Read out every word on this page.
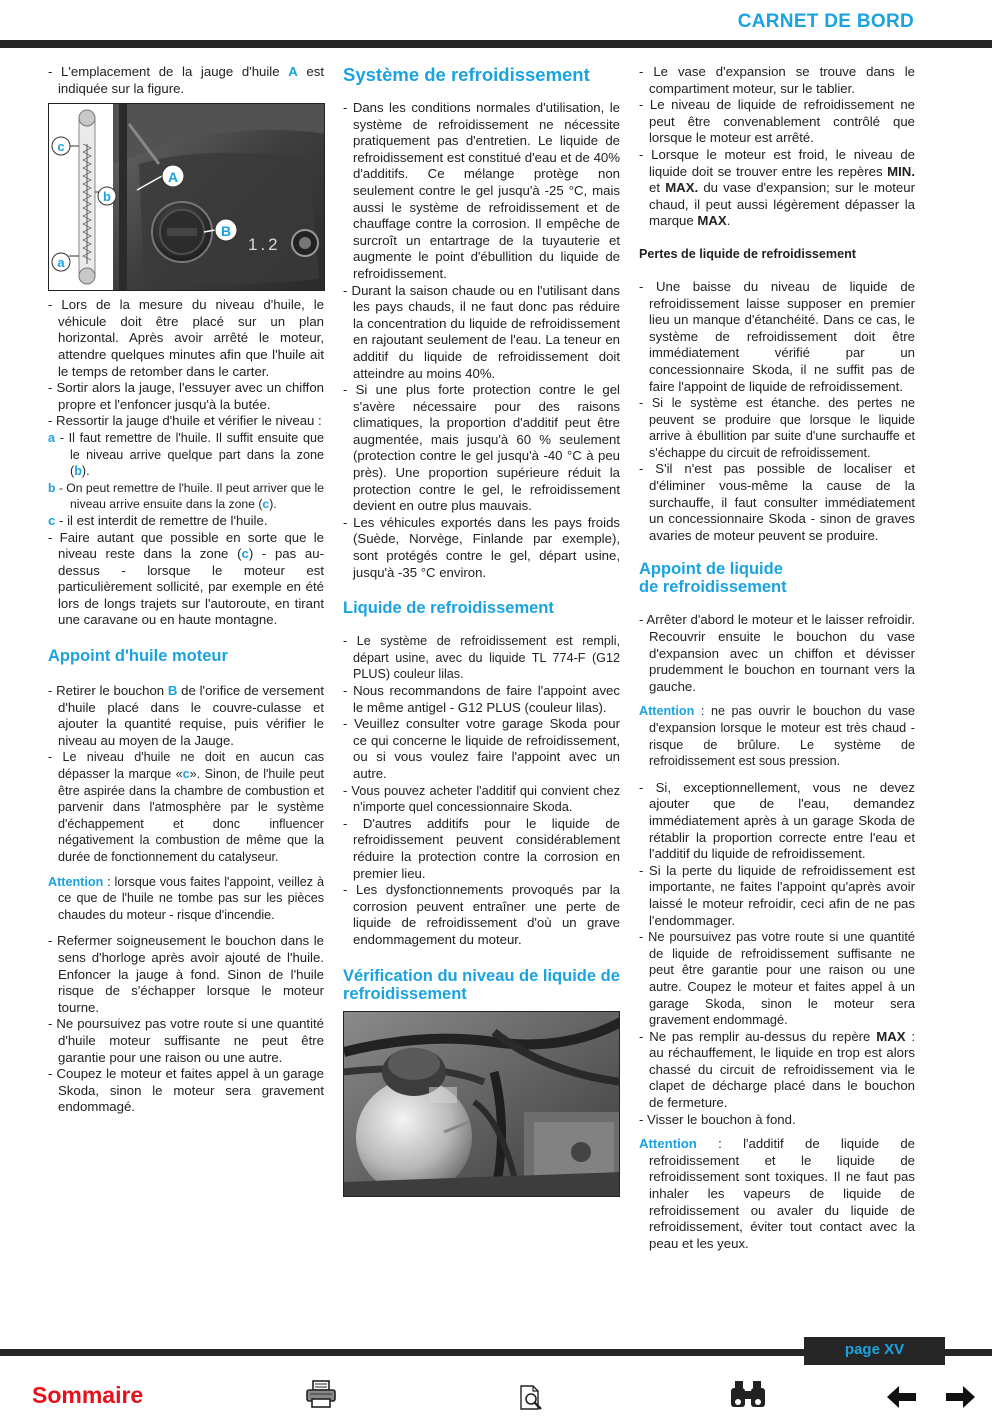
CARNET DE BORD
- L'emplacement de la jauge d'huile A est indiquée sur la figure.
1.2
c
b
a
A
B
- Lors de la mesure du niveau d'huile, le véhicule doit être placé sur un plan horizontal. Après avoir arrêté le moteur, attendre quelques minutes afin que l'huile ait le temps de retomber dans le carter.
- Sortir alors la jauge, l'essuyer avec un chiffon propre et l'enfoncer jusqu'à la butée.
- Ressortir la jauge d'huile et vérifier le niveau :
a - Il faut remettre de l'huile. Il suffit ensuite que le niveau arrive quelque part dans la zone (b).
b - On peut remettre de l'huile. Il peut arriver que le niveau arrive ensuite dans la zone (c).
c - il est interdit de remettre de l'huile.
- Faire autant que possible en sorte que le niveau reste dans la zone (c) - pas au-dessus - lorsque le moteur est particulièrement sollicité, par exemple en été lors de longs trajets sur l'autoroute, en tirant une caravane ou en haute montagne.
Appoint d'huile moteur
- Retirer le bouchon B de l'orifice de versement d'huile placé dans le couvre-culasse et ajouter la quantité requise, puis vérifier le niveau au moyen de la Jauge.
- Le niveau d'huile ne doit en aucun cas dépasser la marque «c». Sinon, de l'huile peut être aspirée dans la chambre de combustion et parvenir dans l'atmosphère par le système d'échappement et donc influencer négativement la combustion de même que la durée de fonctionnement du catalyseur.
Attention : lorsque vous faites l'appoint, veillez à ce que de l'huile ne tombe pas sur les pièces chaudes du moteur - risque d'incendie.
- Refermer soigneusement le bouchon dans le sens d'horloge après avoir ajouté de l'huile. Enfoncer la jauge à fond. Sinon de l'huile risque de s'échapper lorsque le moteur tourne.
- Ne poursuivez pas votre route si une quantité d'huile moteur suffisante ne peut être garantie pour une raison ou une autre.
- Coupez le moteur et faites appel à un garage Skoda, sinon le moteur sera gravement endommagé.
Système de refroidissement
- Dans les conditions normales d'utilisation, le système de refroidissement ne nécessite pratiquement pas d'entretien. Le liquide de refroidissement est constitué d'eau et de 40% d'additifs. Ce mélange protège non seulement contre le gel jusqu'à -25 °C, mais aussi le système de refroidissement et de chauffage contre la corrosion. Il empêche de surcroît un entartrage de la tuyauterie et augmente le point d'ébullition du liquide de refroidissement.
- Durant la saison chaude ou en l'utilisant dans les pays chauds, il ne faut donc pas réduire la concentration du liquide de refroidissement en rajoutant seulement de l'eau. La teneur en additif du liquide de refroidissement doit atteindre au moins 40%.
- Si une plus forte protection contre le gel s'avère nécessaire pour des raisons climatiques, la proportion d'additif peut être augmentée, mais jusqu'à 60 % seulement (protection contre le gel jusqu'à -40 °C à peu près). Une proportion supérieure réduit la protection contre le gel, le refroidissement devient en outre plus mauvais.
- Les véhicules exportés dans les pays froids (Suède, Norvège, Finlande par exemple), sont protégés contre le gel, départ usine, jusqu'à -35 °C environ.
Liquide de refroidissement
- Le système de refroidissement est rempli, départ usine, avec du liquide TL 774-F (G12 PLUS) couleur lilas.
- Nous recommandons de faire l'appoint avec le même antigel - G12 PLUS (couleur lilas).
- Veuillez consulter votre garage Skoda pour ce qui concerne le liquide de refroidissement, ou si vous voulez faire l'appoint avec un autre.
- Vous pouvez acheter l'additif qui convient chez n'importe quel concessionnaire Skoda.
- D'autres additifs pour le liquide de refroidissement peuvent considérablement réduire la protection contre la corrosion en premier lieu.
- Les dysfonctionnements provoqués par la corrosion peuvent entraîner une perte de liquide de refroidissement d'où un grave endommagement du moteur.
Vérification du niveau de liquide de refroidissement
- Le vase d'expansion se trouve dans le compartiment moteur, sur le tablier.
- Le niveau de liquide de refroidissement ne peut être convenablement contrôlé que lorsque le moteur est arrêté.
- Lorsque le moteur est froid, le niveau de liquide doit se trouver entre les repères MIN. et MAX. du vase d'expansion; sur le moteur chaud, il peut aussi légèrement dépasser la marque MAX.
Pertes de liquide de refroidissement
- Une baisse du niveau de liquide de refroidissement laisse supposer en premier lieu un manque d'étanchéité. Dans ce cas, le système de refroidissement doit être immédiatement vérifié par un concessionnaire Skoda, il ne suffit pas de faire l'appoint de liquide de refroidissement.
- Si le système est étanche. des pertes ne peuvent se produire que lorsque le liquide arrive à ébullition par suite d'une surchauffe et s'échappe du circuit de refroidissement.
- S'il n'est pas possible de localiser et d'éliminer vous-même la cause de la surchauffe, il faut consulter immédiatement un concessionnaire Skoda - sinon de graves avaries de moteur peuvent se produire.
Appoint de liquide
de refroidissement
- Arrêter d'abord le moteur et le laisser refroidir. Recouvrir ensuite le bouchon du vase d'expansion avec un chiffon et dévisser prudemment le bouchon en tournant vers la gauche.
Attention : ne pas ouvrir le bouchon du vase d'expansion lorsque le moteur est très chaud - risque de brûlure. Le système de refroidissement est sous pression.
- Si, exceptionnellement, vous ne devez ajouter que de l'eau, demandez immédiatement après à un garage Skoda de rétablir la proportion correcte entre l'eau et l'additif du liquide de refroidissement.
- Si la perte du liquide de refroidissement est importante, ne faites l'appoint qu'après avoir laissé le moteur refroidir, ceci afin de ne pas l'endommager.
- Ne poursuivez pas votre route si une quantité de liquide de refroidissement suffisante ne peut être garantie pour une raison ou une autre. Coupez le moteur et faites appel à un garage Skoda, sinon le moteur sera gravement endommagé.
- Ne pas remplir au-dessus du repère MAX : au réchauffement, le liquide en trop est alors chassé du circuit de refroidissement via le clapet de décharge placé dans le bouchon de fermeture.
- Visser le bouchon à fond.
Attention : l'additif de liquide de refroidissement et le liquide de refroidissement sont toxiques. Il ne faut pas inhaler les vapeurs de liquide de refroidissement ou avaler du liquide de refroidissement, éviter tout contact avec la peau et les yeux.
page XV
Sommaire
